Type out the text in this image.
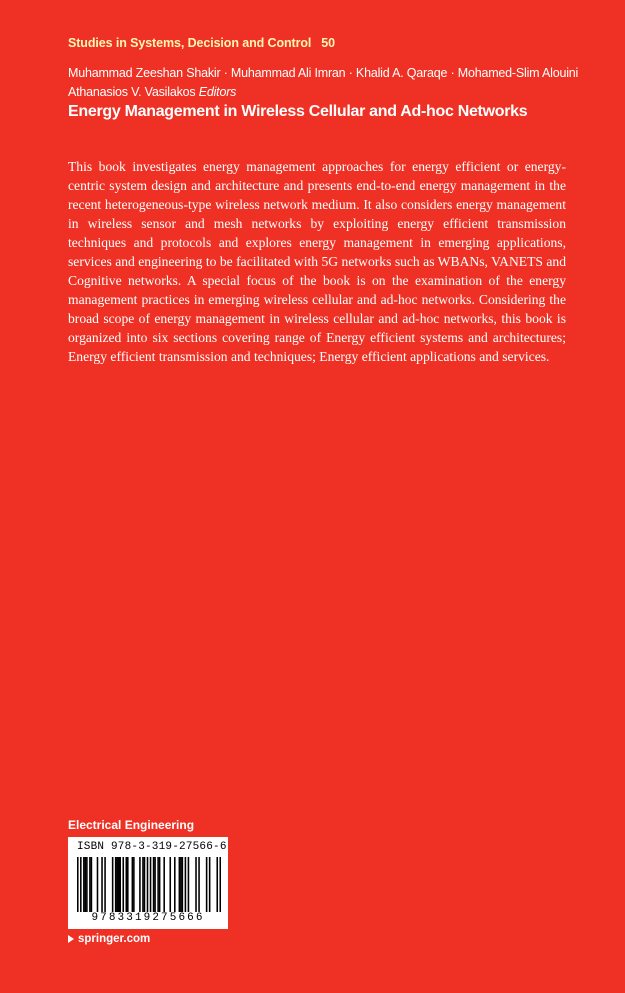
Studies in Systems, Decision and Control 50
Muhammad Zeeshan Shakir · Muhammad Ali Imran · Khalid A. Qaraqe · Mohamed-Slim Alouini
Athanasios V. Vasilakos Editors
Energy Management in Wireless Cellular and Ad-hoc Networks

This book investigates energy management approaches for energy efficient or energy-centric system design and architecture and presents end-to-end energy management in the recent heterogeneous-type wireless network medium. It also considers energy management in wireless sensor and mesh networks by exploiting energy efficient transmission techniques and protocols and explores energy management in emerging applications, services and engineering to be facilitated with 5G networks such as WBANs, VANETS and Cognitive networks. A special focus of the book is on the examination of the energy management practices in emerging wireless cellular and ad-hoc networks. Considering the broad scope of energy management in wireless cellular and ad-hoc networks, this book is organized into six sections covering range of Energy efficient systems and architectures; Energy efficient transmission and techniques; Energy efficient applications and services.

Electrical Engineering
ISBN 978-3-319-27566-6
9783319275666
springer.com
